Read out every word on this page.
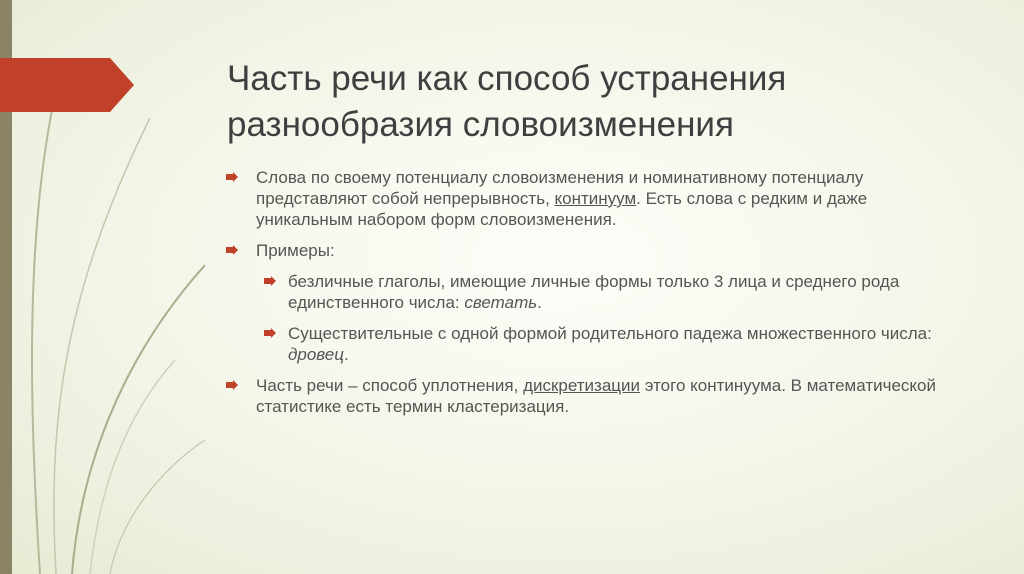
Часть речи как способ устранения разнообразия словоизменения
Слова по своему потенциалу словоизменения и номинативному потенциалу представляют собой непрерывность, континуум. Есть слова с редким и даже уникальным набором форм словоизменения.
Примеры:
безличные глаголы, имеющие личные формы только 3 лица и среднего рода единственного числа: светать.
Существительные с одной формой родительного падежа множественного числа: дровец.
Часть речи – способ уплотнения, дискретизации этого континуума. В математической статистике есть термин кластеризация.
